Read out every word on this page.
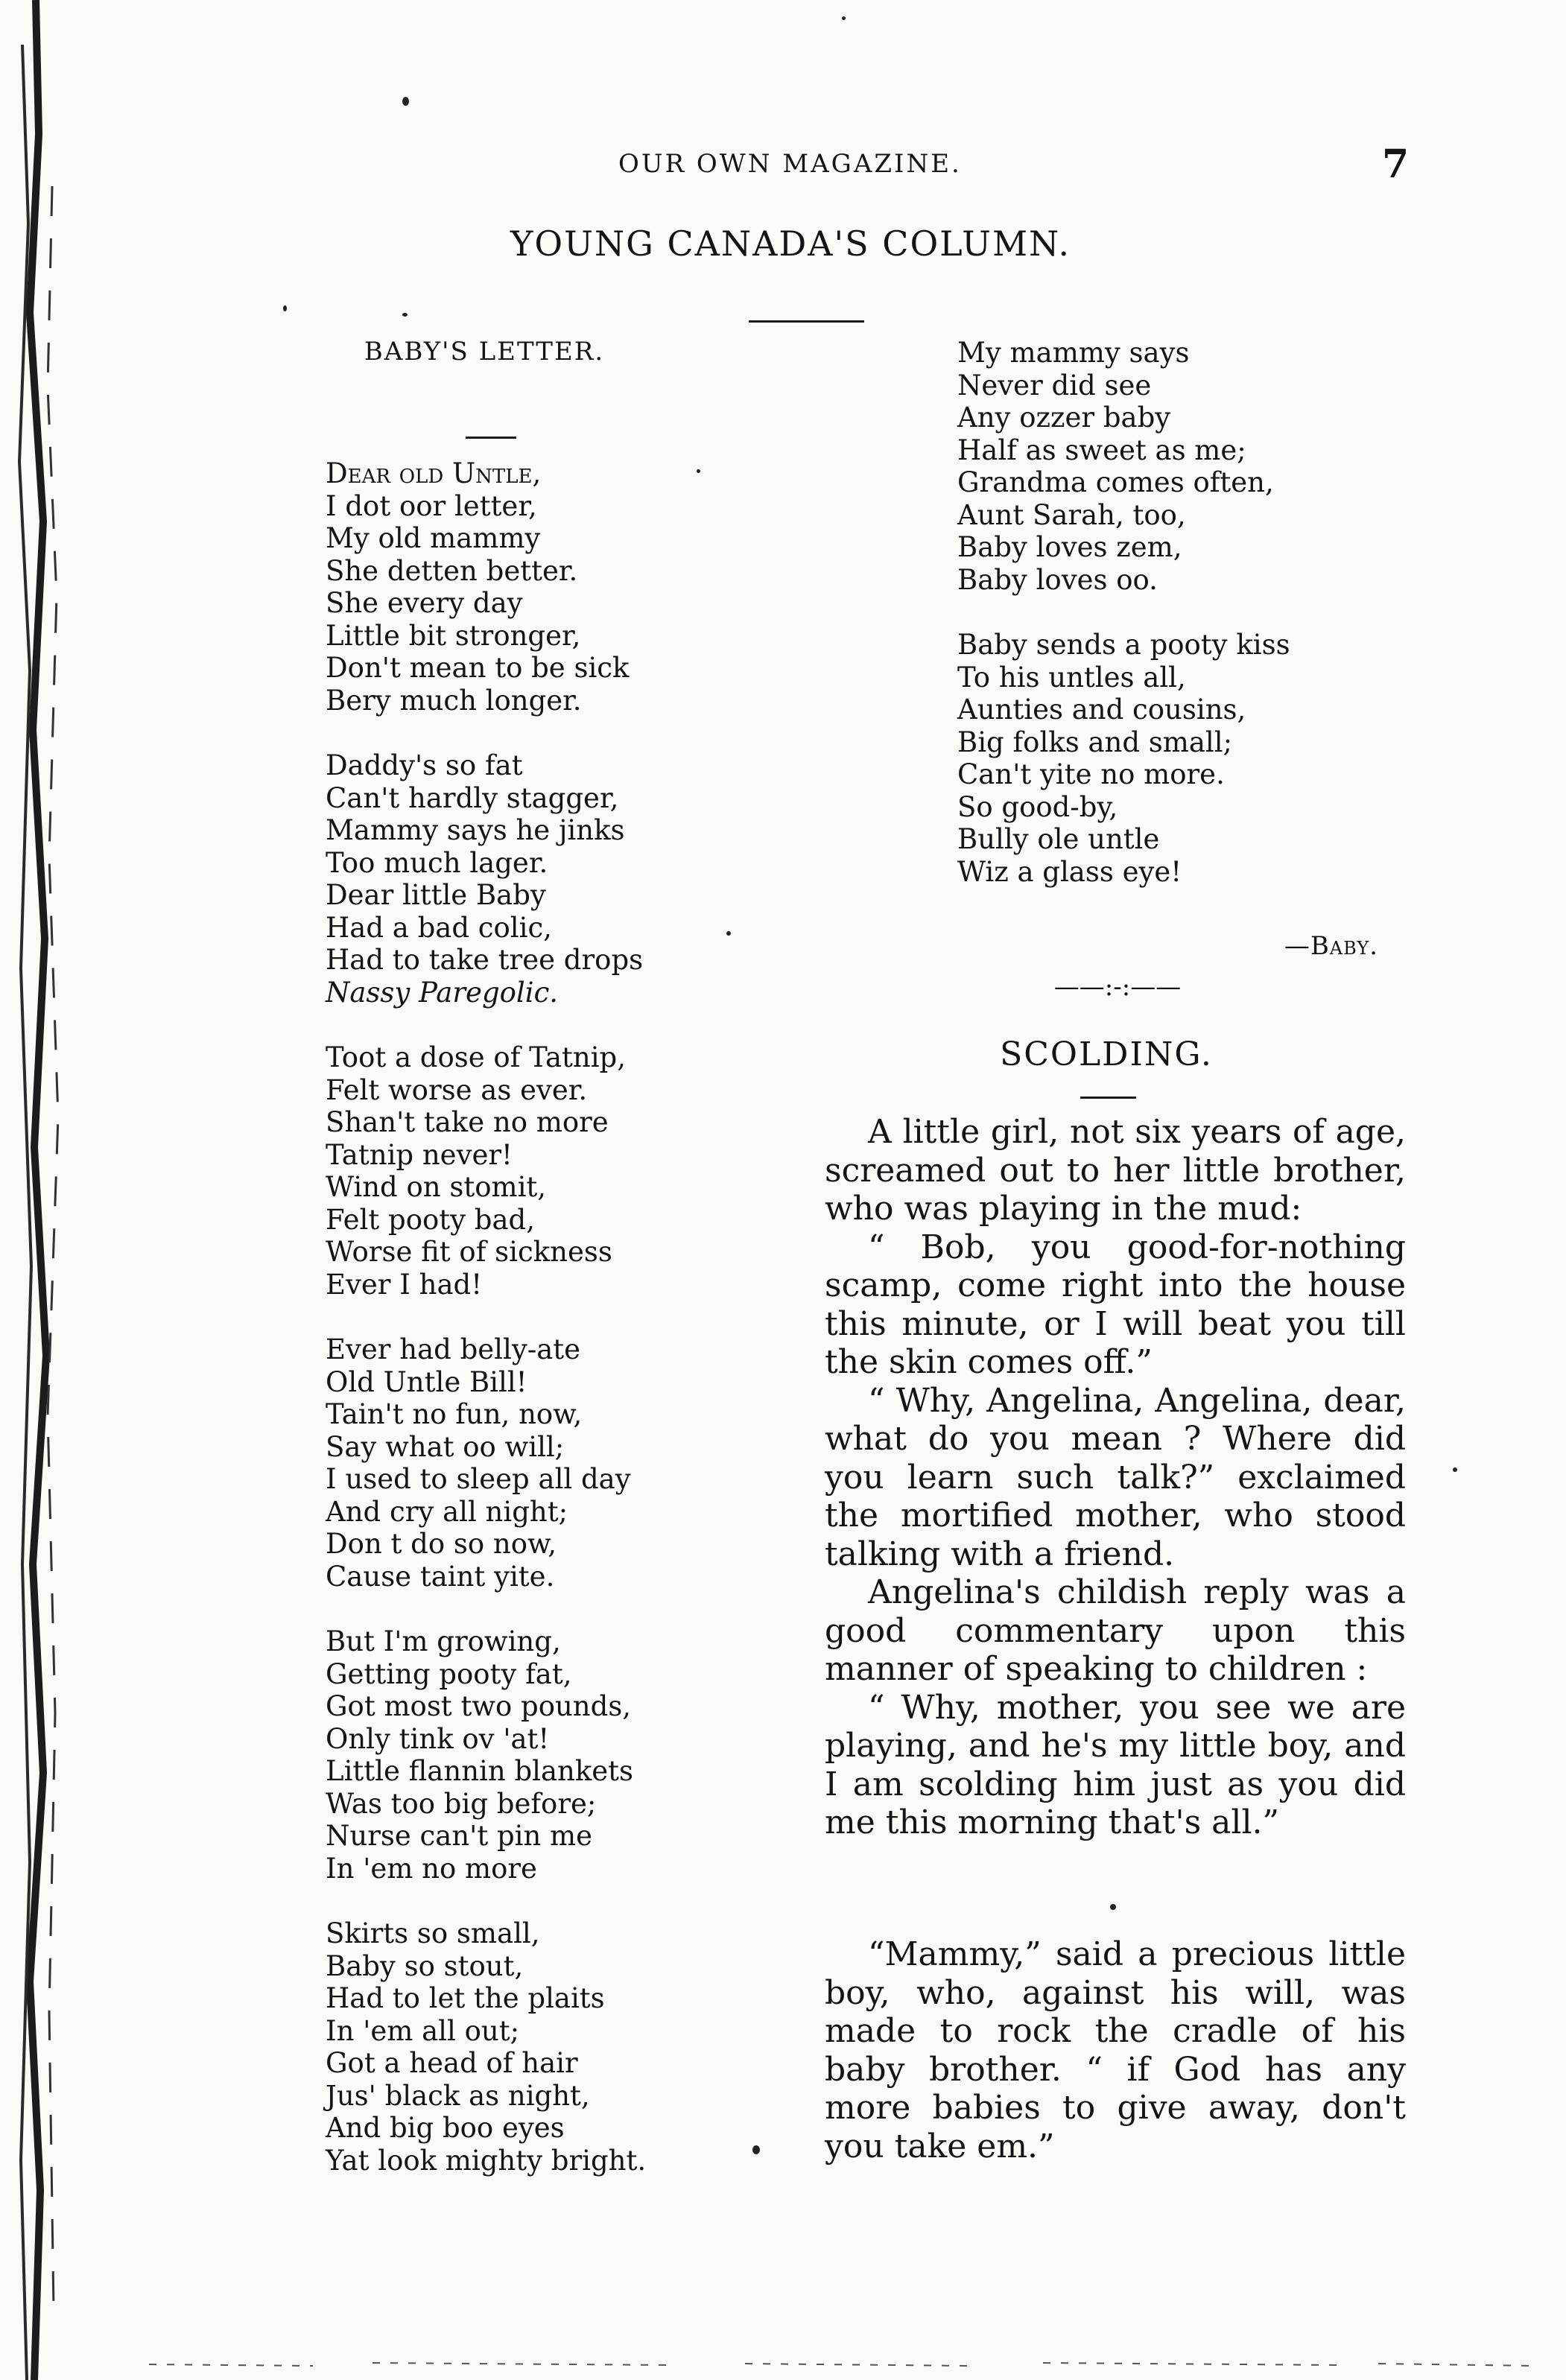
OUR OWN MAGAZINE.	7
YOUNG CANADA'S COLUMN.
BABY'S LETTER.
Dear old Untle,
I dot oor letter,
My old mammy
She detten better.
She every day
Little bit stronger,
Don't mean to be sick
Bery much longer.
Daddy's so fat
Can't hardly stagger,
Mammy says he jinks
Too much lager.
Dear little Baby
Had a bad colic,
Had to take tree drops
Nassy Paregolic.
Toot a dose of Tatnip,
Felt worse as ever.
Shan't take no more
Tatnip never!
Wind on stomit,
Felt pooty bad,
Worse fit of sickness
Ever I had!
Ever had belly-ate
Old Untle Bill!
Tain't no fun, now,
Say what oo will;
I used to sleep all day
And cry all night;
Don t do so now,
Cause taint yite.
But I'm growing,
Getting pooty fat,
Got most two pounds,
Only tink ov 'at!
Little flannin blankets
Was too big before;
Nurse can't pin me
In 'em no more
Skirts so small,
Baby so stout,
Had to let the plaits
In 'em all out;
Got a head of hair
Jus' black as night,
And big boo eyes
Yat look mighty bright.
My mammy says
Never did see
Any ozzer baby
Half as sweet as me;
Grandma comes often,
Aunt Sarah, too,
Baby loves zem,
Baby loves oo.
Baby sends a pooty kiss
To his untles all,
Aunties and cousins,
Big folks and small;
Can't yite no more.
So good-by,
Bully ole untle
Wiz a glass eye!
—Baby.
——:-:——
SCOLDING.

A little girl, not six years of age, screamed out to her little brother, who was playing in the mud:

“ Bob, you good-for-nothing scamp, come right into the house this minute, or I will beat you till the skin comes off.”

“ Why, Angelina, Angelina, dear, what do you mean ? Where did you learn such talk?” exclaimed the mortified mother, who stood talking with a friend.

Angelina's childish reply was a good commentary upon this manner of speaking to children :

“ Why, mother, you see we are playing, and he's my little boy, and I am scolding him just as you did me this morning that's all.”

“Mammy,” said a precious little boy, who, against his will, was made to rock the cradle of his baby brother. “ if God has any more babies to give away, don't you take em.”
